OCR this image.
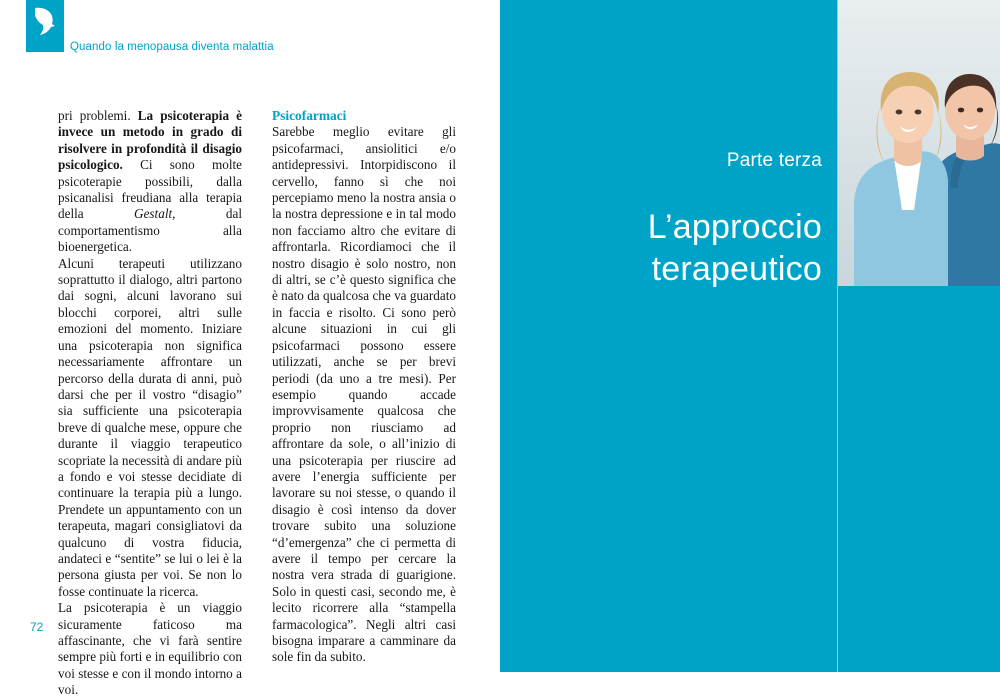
Quando la menopausa diventa malattia

pri problemi. La psicoterapia è invece un metodo in grado di risolvere in profondità il disagio psicologico. Ci sono molte psicoterapie possibili, dalla psicanalisi freudiana alla terapia della Gestalt, dal comportamentismo alla bioenergetica.

Alcuni terapeuti utilizzano soprattutto il dialogo, altri partono dai sogni, alcuni lavorano sui blocchi corporei, altri sulle emozioni del momento. Iniziare una psicoterapia non significa necessariamente affrontare un percorso della durata di anni, può darsi che per il vostro “disagio” sia sufficiente una psicoterapia breve di qualche mese, oppure che durante il viaggio terapeutico scopriate la necessità di andare più a fondo e voi stesse decidiate di continuare la terapia più a lungo. Prendete un appuntamento con un terapeuta, magari consigliatovi da qualcuno di vostra fiducia, andateci e “sentite” se lui o lei è la persona giusta per voi. Se non lo fosse continuate la ricerca.

La psicoterapia è un viaggio sicuramente faticoso ma affascinante, che vi farà sentire sempre più forti e in equilibrio con voi stesse e con il mondo intorno a voi.

Psicofarmaci

Sarebbe meglio evitare gli psicofarmaci, ansiolitici e/o antidepressivi. Intorpidiscono il cervello, fanno sì che noi percepiamo meno la nostra ansia o la nostra depressione e in tal modo non facciamo altro che evitare di affrontarla. Ricordiamoci che il nostro disagio è solo nostro, non di altri, se c’è questo significa che è nato da qualcosa che va guardato in faccia e risolto. Ci sono però alcune situazioni in cui gli psicofarmaci possono essere utilizzati, anche se per brevi periodi (da uno a tre mesi). Per esempio quando accade improvvisamente qualcosa che proprio non riusciamo ad affrontare da sole, o all’inizio di una psicoterapia per riuscire ad avere l’energia sufficiente per lavorare su noi stesse, o quando il disagio è così intenso da dover trovare subito una soluzione “d’emergenza” che ci permetta di avere il tempo per cercare la nostra vera strada di guarigione. Solo in questi casi, secondo me, è lecito ricorrere alla “stampella farmacologica”. Negli altri casi bisogna imparare a camminare da sole fin da subito.

72
Parte terza
L’approccio
terapeutico
